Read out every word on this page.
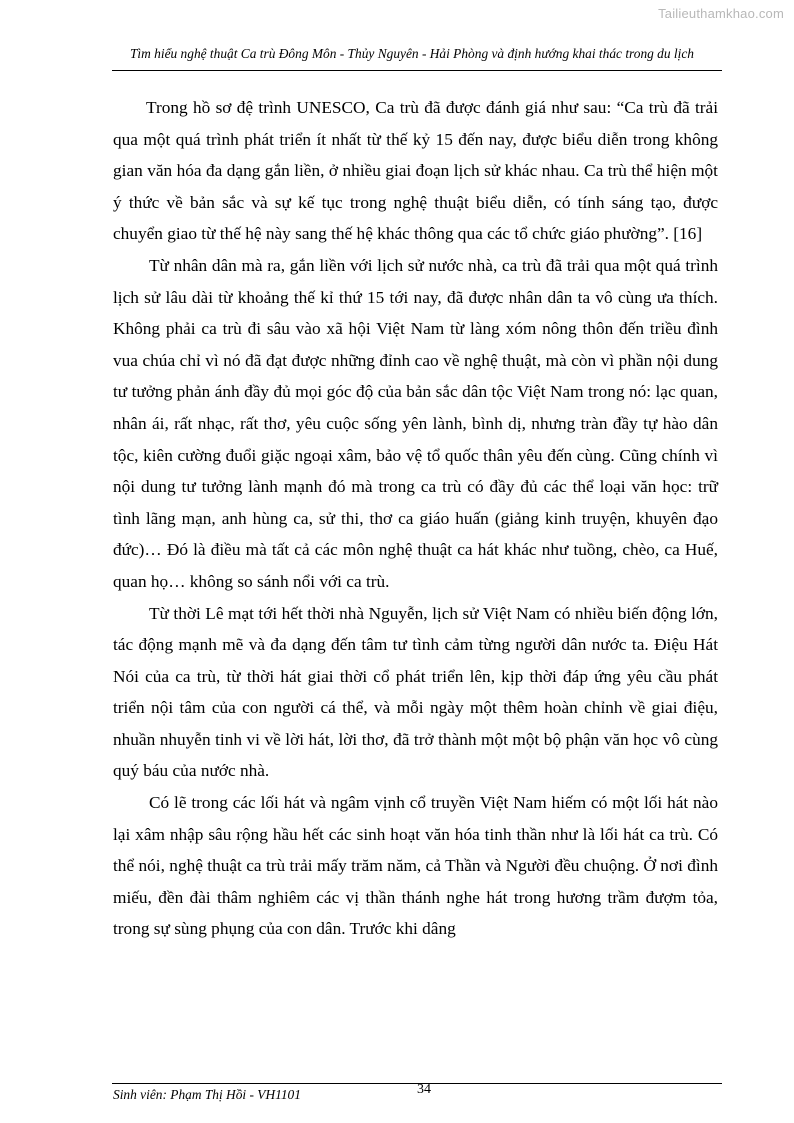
Tailieuthamkhao.com
Tìm hiểu nghệ thuật Ca trù Đông Môn - Thủy Nguyên - Hải Phòng và định hướng khai thác trong du lịch

Trong hồ sơ đệ trình UNESCO, Ca trù đã được đánh giá như sau: “Ca trù đã trải qua một quá trình phát triển ít nhất từ thế kỷ 15 đến nay, được biểu diễn trong không gian văn hóa đa dạng gắn liền, ở nhiều giai đoạn lịch sử khác nhau. Ca trù thể hiện một ý thức về bản sắc và sự kế tục trong nghệ thuật biểu diễn, có tính sáng tạo, được chuyển giao từ thế hệ này sang thế hệ khác thông qua các tổ chức giáo phường”. [16]

Từ nhân dân mà ra, gắn liền với lịch sử nước nhà, ca trù đã trải qua một quá trình lịch sử lâu dài từ khoảng thế kỉ thứ 15 tới nay, đã được nhân dân ta vô cùng ưa thích. Không phải ca trù đi sâu vào xã hội Việt Nam từ làng xóm nông thôn đến triều đình vua chúa chỉ vì nó đã đạt được những đỉnh cao về nghệ thuật, mà còn vì phần nội dung tư tưởng phản ánh đầy đủ mọi góc độ của bản sắc dân tộc Việt Nam trong nó: lạc quan, nhân ái, rất nhạc, rất thơ, yêu cuộc sống yên lành, bình dị, nhưng tràn đầy tự hào dân tộc, kiên cường đuổi giặc ngoại xâm, bảo vệ tổ quốc thân yêu đến cùng. Cũng chính vì nội dung tư tưởng lành mạnh đó mà trong ca trù có đầy đủ các thể loại văn học: trữ tình lãng mạn, anh hùng ca, sử thi, thơ ca giáo huấn (giảng kinh truyện, khuyên đạo đức)… Đó là điều mà tất cả các môn nghệ thuật ca hát khác như tuồng, chèo, ca Huế, quan họ… không so sánh nổi với ca trù.

Từ thời Lê mạt tới hết thời nhà Nguyễn, lịch sử Việt Nam có nhiều biến động lớn, tác động mạnh mẽ và đa dạng đến tâm tư tình cảm từng người dân nước ta. Điệu Hát Nói của ca trù, từ thời hát giai thời cổ phát triển lên, kịp thời đáp ứng yêu cầu phát triển nội tâm của con người cá thể, và mỗi ngày một thêm hoàn chỉnh về giai điệu, nhuần nhuyễn tinh vi về lời hát, lời thơ, đã trở thành một một bộ phận văn học vô cùng quý báu của nước nhà.

Có lẽ trong các lối hát và ngâm vịnh cổ truyền Việt Nam hiếm có một lối hát nào lại xâm nhập sâu rộng hầu hết các sinh hoạt văn hóa tinh thần như là lối hát ca trù. Có thể nói, nghệ thuật ca trù trải mấy trăm năm, cả Thần và Người đều chuộng. Ở nơi đình miếu, đền đài thâm nghiêm các vị thần thánh nghe hát trong hương trầm đượm tỏa, trong sự sùng phụng của con dân. Trước khi dâng

Sinh viên: Phạm Thị Hồi - VH1101	34
